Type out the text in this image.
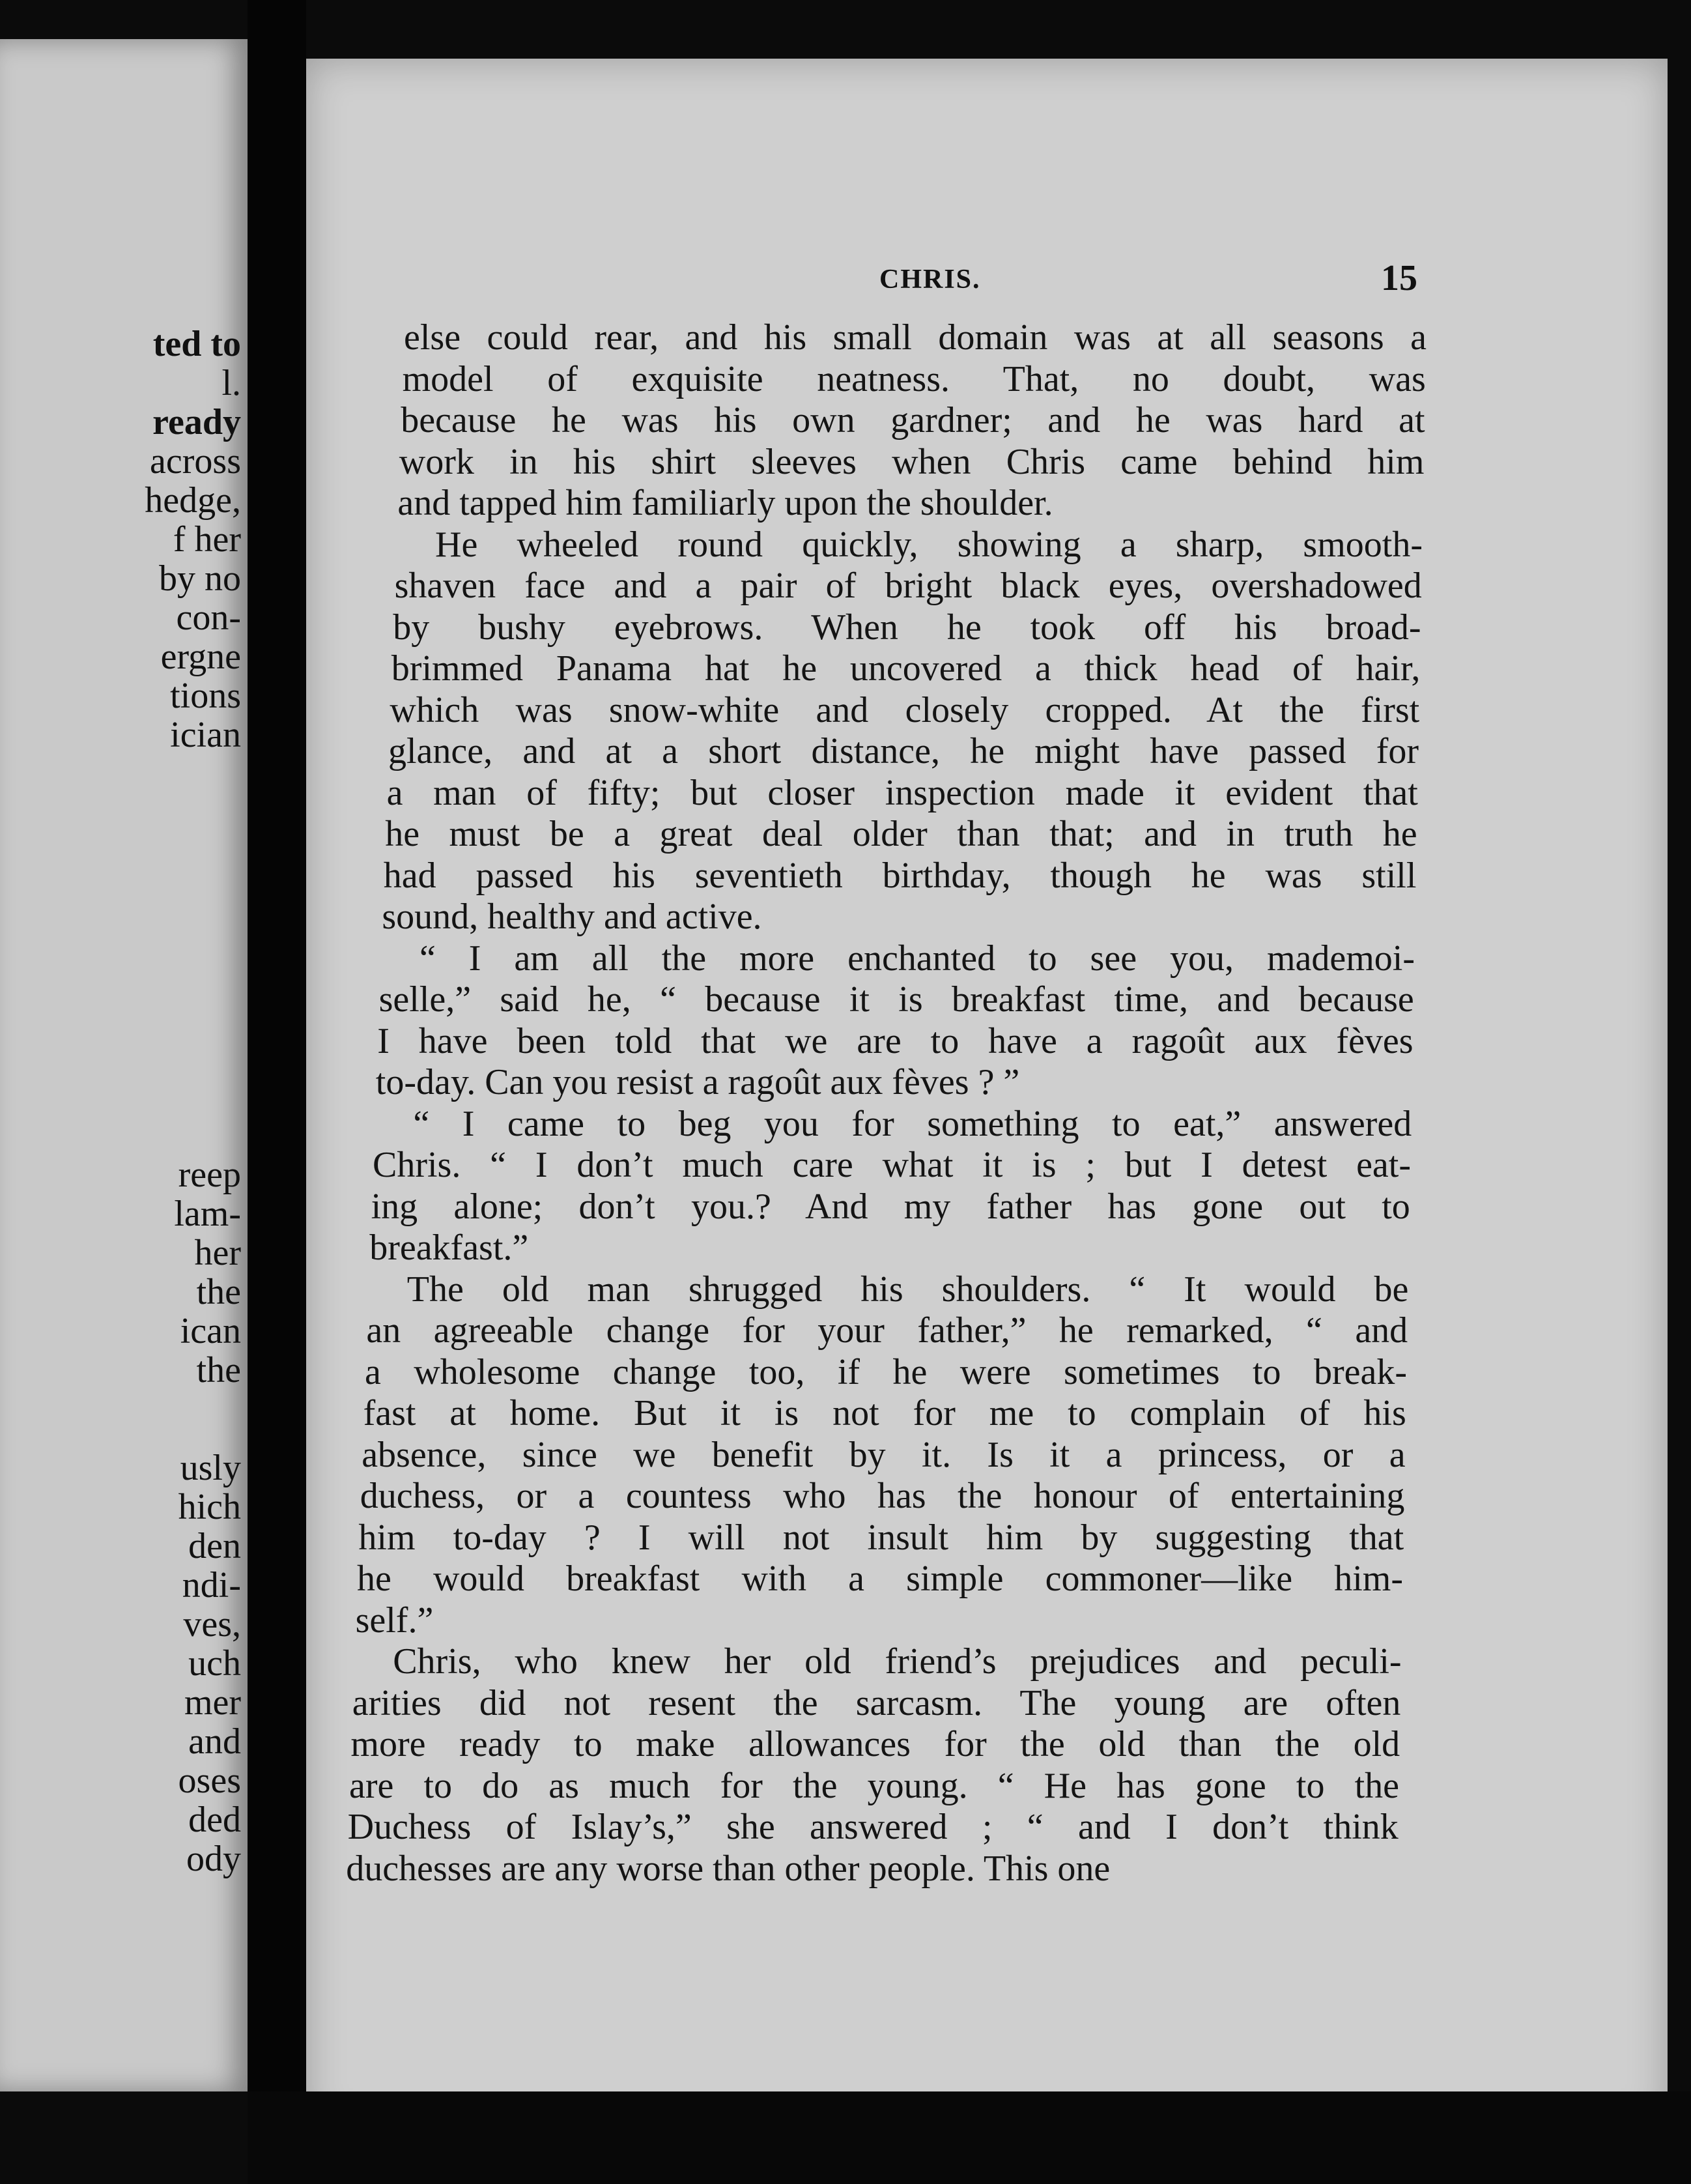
ted to
l.
ready
across
hedge,
f her
by no
con-
ergne
tions
ician
reep
lam-
her
the
ican
the
usly
hich
den
ndi-
ves,
uch
mer
and
oses
ded
ody
CHRIS.	15
else could rear, and his small domain was at all seasons a
model of exquisite neatness. That, no doubt, was
because he was his own gardner; and he was hard at
work in his shirt sleeves when Chris came behind him
and tapped him familiarly upon the shoulder.
He wheeled round quickly, showing a sharp, smooth-
shaven face and a pair of bright black eyes, overshadowed
by bushy eyebrows. When he took off his broad-
brimmed Panama hat he uncovered a thick head of hair,
which was snow-white and closely cropped. At the first
glance, and at a short distance, he might have passed for
a man of fifty; but closer inspection made it evident that
he must be a great deal older than that; and in truth he
had passed his seventieth birthday, though he was still
sound, healthy and active.
“ I am all the more enchanted to see you, mademoi-
selle,” said he, “ because it is breakfast time, and because
I have been told that we are to have a ragoût aux fèves
to-day. Can you resist a ragoût aux fèves ? ”
“ I came to beg you for something to eat,” answered
Chris. “ I don’t much care what it is ; but I detest eat-
ing alone; don’t you.? And my father has gone out to
breakfast.”
The old man shrugged his shoulders. “ It would be
an agreeable change for your father,” he remarked, “ and
a wholesome change too, if he were sometimes to break-
fast at home. But it is not for me to complain of his
absence, since we benefit by it. Is it a princess, or a
duchess, or a countess who has the honour of entertaining
him to-day ? I will not insult him by suggesting that
he would breakfast with a simple commoner—like him-
self.”
Chris, who knew her old friend’s prejudices and peculi-
arities did not resent the sarcasm. The young are often
more ready to make allowances for the old than the old
are to do as much for the young. “ He has gone to the
Duchess of Islay’s,” she answered ; “ and I don’t think
duchesses are any worse than other people. This one
